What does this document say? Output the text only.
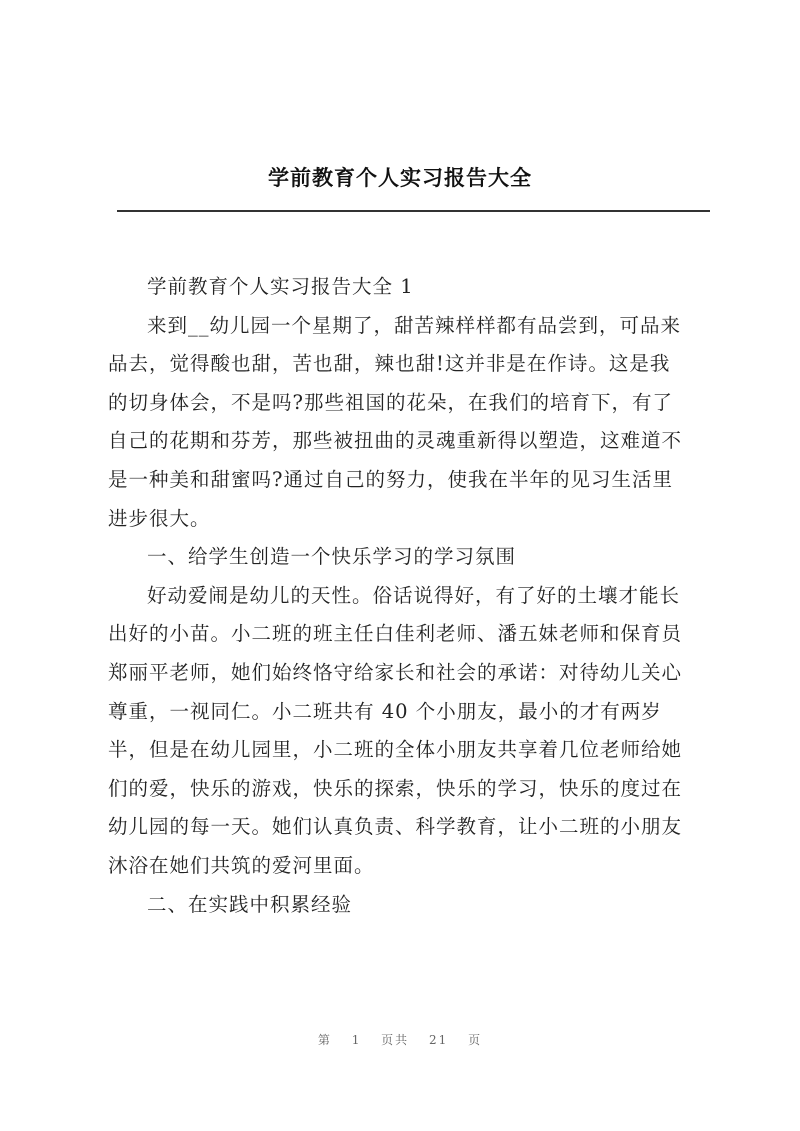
学前教育个人实习报告大全
学前教育个人实习报告大全 1
来到__幼儿园一个星期了，甜苦辣样样都有品尝到，可品来
品去，觉得酸也甜，苦也甜，辣也甜!这并非是在作诗。这是我
的切身体会，不是吗?那些祖国的花朵，在我们的培育下，有了
自己的花期和芬芳，那些被扭曲的灵魂重新得以塑造，这难道不
是一种美和甜蜜吗?通过自己的努力，使我在半年的见习生活里
进步很大。
一、给学生创造一个快乐学习的学习氛围
好动爱闹是幼儿的天性。俗话说得好，有了好的土壤才能长
出好的小苗。小二班的班主任白佳利老师、潘五妹老师和保育员
郑丽平老师，她们始终恪守给家长和社会的承诺：对待幼儿关心
尊重，一视同仁。小二班共有 40 个小朋友，最小的才有两岁
半，但是在幼儿园里，小二班的全体小朋友共享着几位老师给她
们的爱，快乐的游戏，快乐的探索，快乐的学习，快乐的度过在
幼儿园的每一天。她们认真负责、科学教育，让小二班的小朋友
沐浴在她们共筑的爱河里面。
二、在实践中积累经验
第 1 页共 21 页
